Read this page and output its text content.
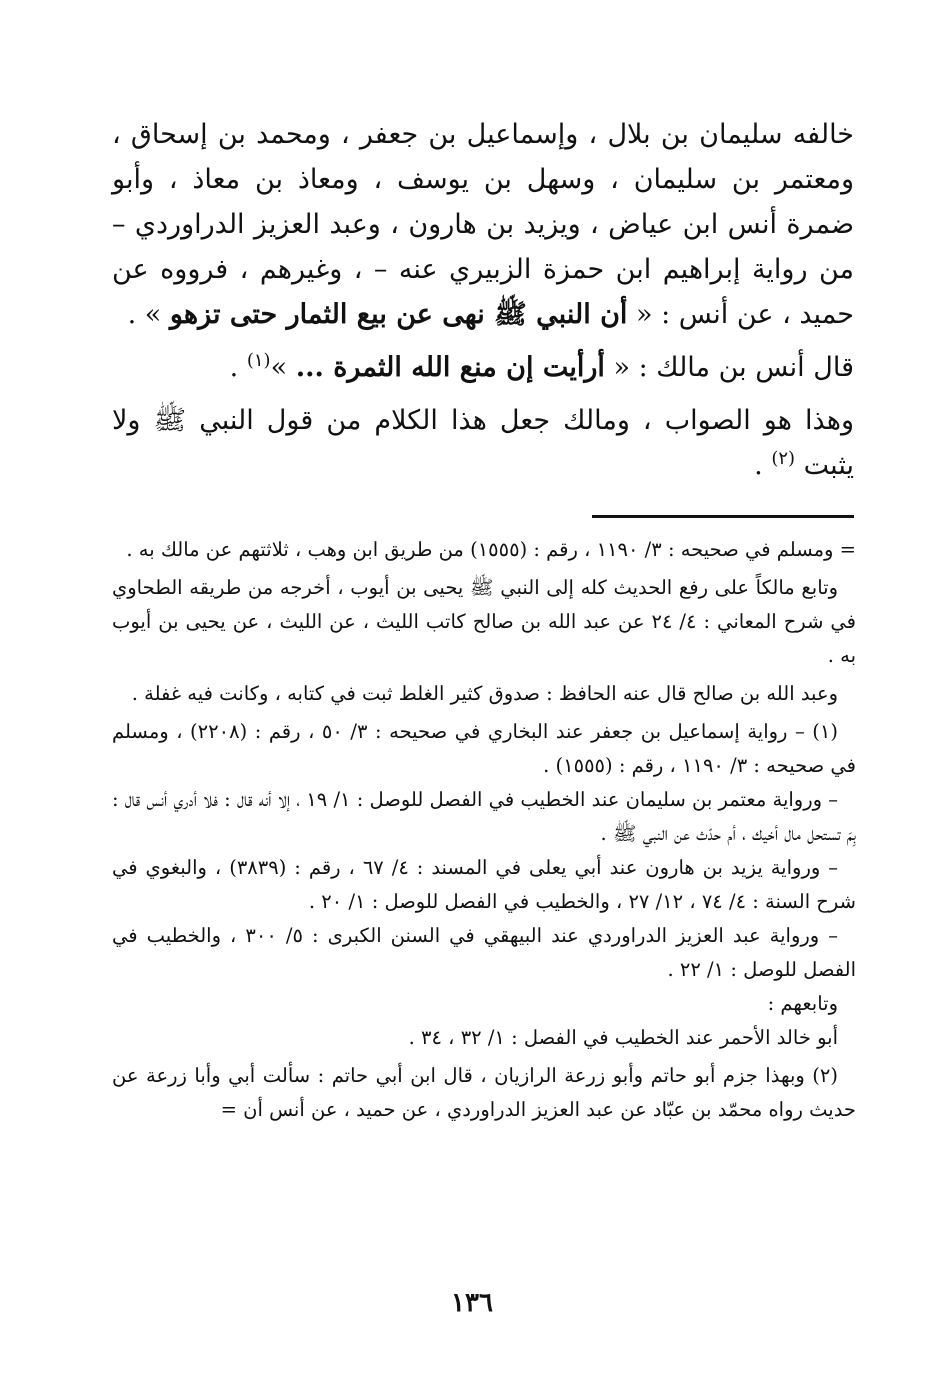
خالفه سليمان بن بلال ، وإسماعيل بن جعفر ، ومحمد بن إسحاق ، ومعتمر بن سليمان ، وسهل بن يوسف ، ومعاذ بن معاذ ، وأبو ضمرة أنس ابن عياض ، ويزيد بن هارون ، وعبد العزيز الدراوردي – من رواية إبراهيم ابن حمزة الزبيري عنه – ، وغيرهم ، فرووه عن حميد ، عن أنس : « أن النبي ﷺ نهى عن بيع الثمار حتى تزهو » .

قال أنس بن مالك : « أرأيت إن منع الله الثمرة ... »$^{(١)}$ .

وهذا هو الصواب ، ومالك جعل هذا الكلام من قول النبي ﷺ ولا يثبت $^{(٢)}$ .

= ومسلم في صحيحه : ٣/ ١١٩٠ ، رقم : (١٥٥٥) من طريق ابن وهب ، ثلاثتهم عن مالك به .

وتابع مالكاً على رفع الحديث كله إلى النبي ﷺ يحيى بن أيوب ، أخرجه من طريقه الطحاوي في شرح المعاني : ٤/ ٢٤ عن عبد الله بن صالح كاتب الليث ، عن الليث ، عن يحيى بن أيوب به .

وعبد الله بن صالح قال عنه الحافظ : صدوق كثير الغلط ثبت في كتابه ، وكانت فيه غفلة .

(١) – رواية إسماعيل بن جعفر عند البخاري في صحيحه : ٣/ ٥٠ ، رقم : (٢٢٠٨) ، ومسلم في صحيحه : ٣/ ١١٩٠ ، رقم : (١٥٥٥) .

– ورواية معتمر بن سليمان عند الخطيب في الفصل للوصل : ١/ ١٩ ، إلا أنه قال : فلا أدري أنس قال : بِمَ تستحل مال أخيك ، أم حدّث عن النبي ﷺ .

– ورواية يزيد بن هارون عند أبي يعلى في المسند : ٤/ ٦٧ ، رقم : (٣٨٣٩) ، والبغوي في شرح السنة : ٤/ ٧٤ ، ١٢/ ٢٧ ، والخطيب في الفصل للوصل : ١/ ٢٠ .

– ورواية عبد العزيز الدراوردي عند البيهقي في السنن الكبرى : ٥/ ٣٠٠ ، والخطيب في الفصل للوصل : ١/ ٢٢ .

وتابعهم :

أبو خالد الأحمر عند الخطيب في الفصل : ١/ ٣٢ ، ٣٤ .

(٢) وبهذا جزم أبو حاتم وأبو زرعة الرازيان ، قال ابن أبي حاتم : سألت أبي وأبا زرعة عن حديث رواه محمّد بن عبّاد عن عبد العزيز الدراوردي ، عن حميد ، عن أنس أن =

١٣٦
